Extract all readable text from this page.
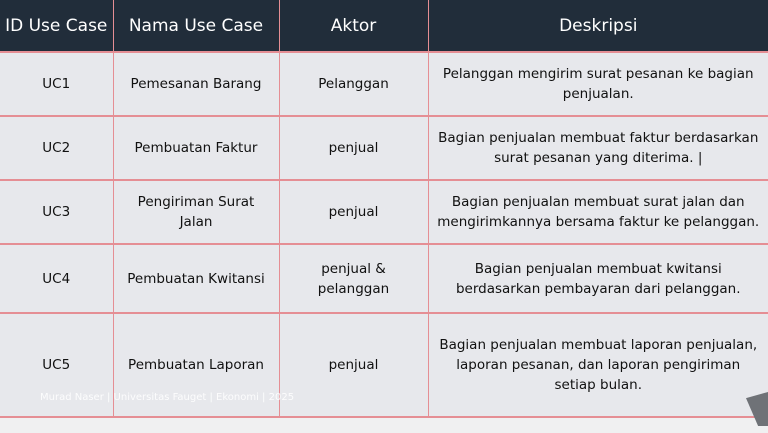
ID Use Case	Nama Use Case	Aktor	Deskripsi
UC1	Pemesanan Barang	Pelanggan	Pelanggan mengirim surat pesanan ke bagian penjualan.
UC2	Pembuatan Faktur	penjual	Bagian penjualan membuat faktur berdasarkan surat pesanan yang diterima. |
UC3	Pengiriman Surat Jalan	penjual	Bagian penjualan membuat surat jalan dan mengirimkannya bersama faktur ke pelanggan.
UC4	Pembuatan Kwitansi	penjual & pelanggan	Bagian penjualan membuat kwitansi berdasarkan pembayaran dari pelanggan.
UC5	Pembuatan Laporan	penjual	Bagian penjualan membuat laporan penjualan, laporan pesanan, dan laporan pengiriman setiap bulan.
Murad Naser | Universitas Fauget | Ekonomi | 2025
